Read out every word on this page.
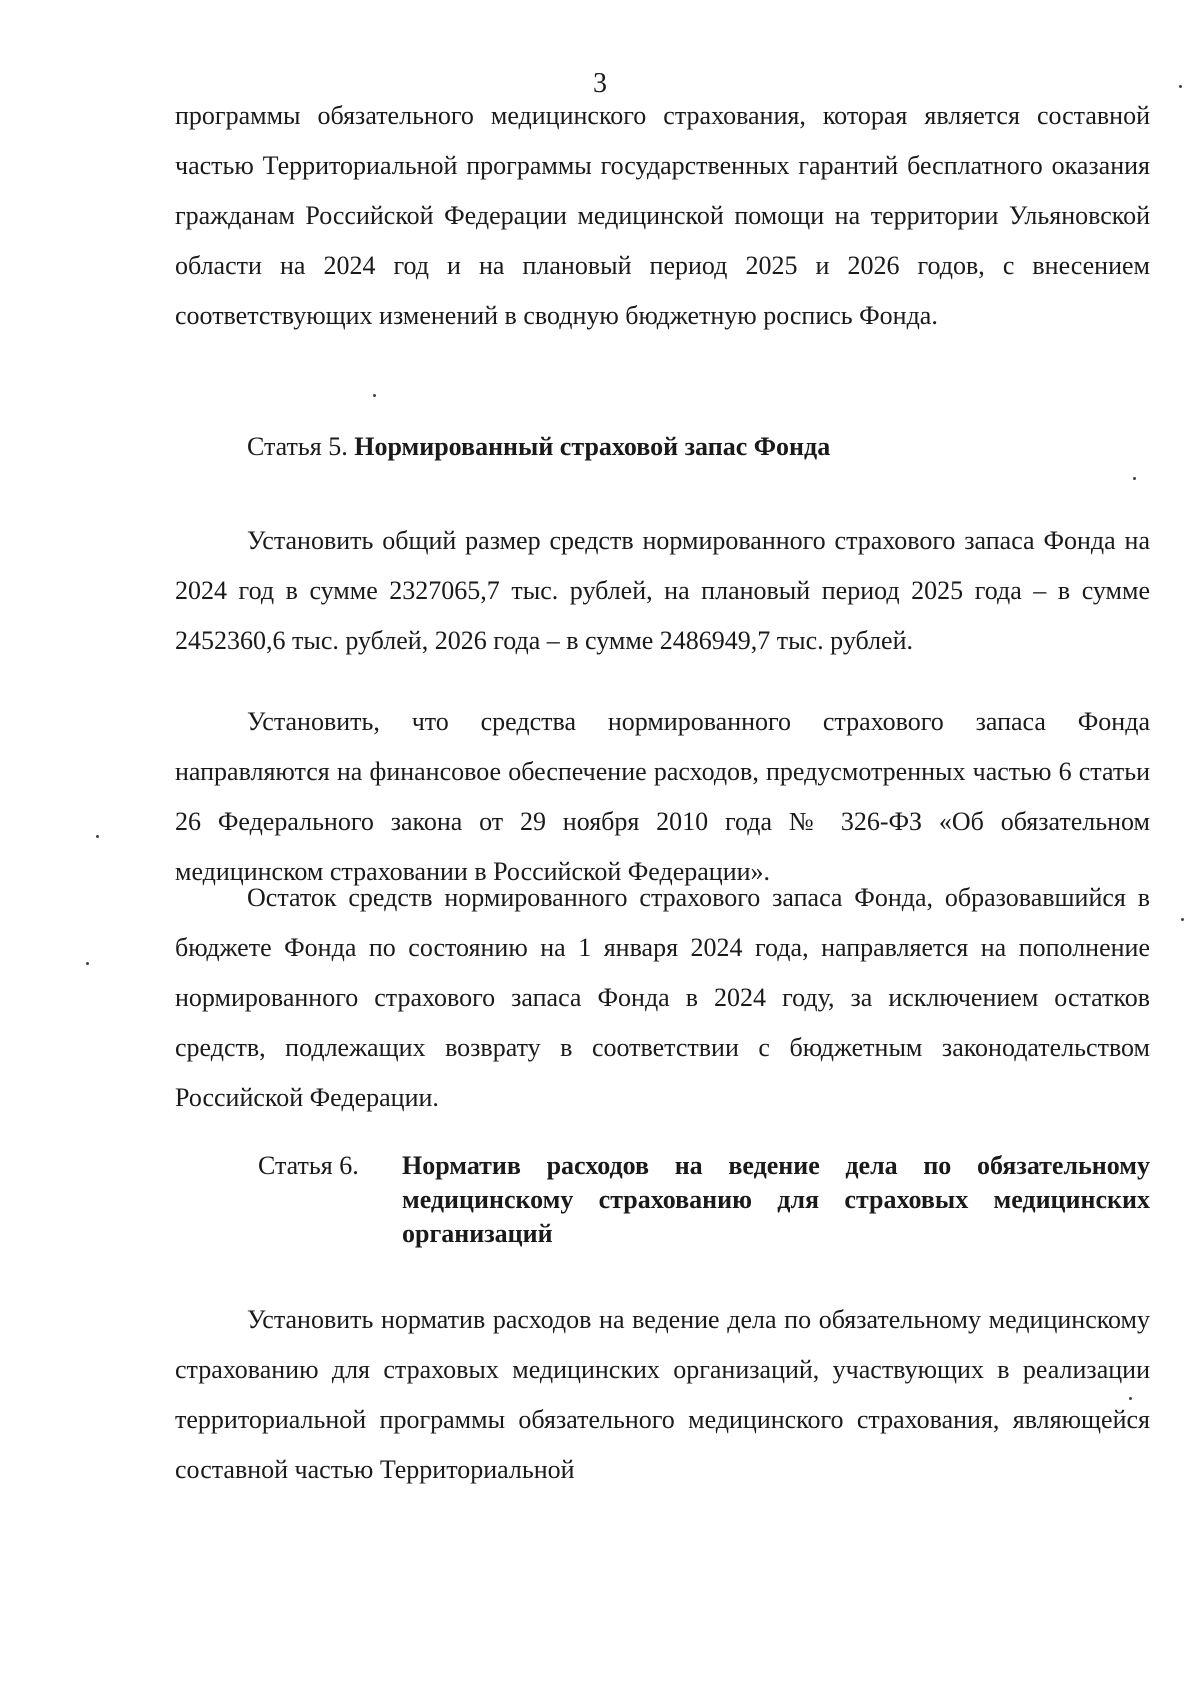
3

программы обязательного медицинского страхования, которая является составной частью Территориальной программы государственных гарантий бесплатного оказания гражданам Российской Федерации медицинской помощи на территории Ульяновской области на 2024 год и на плановый период 2025 и 2026 годов, с внесением соответствующих изменений в сводную бюджетную роспись Фонда.

Статья 5. Нормированный страховой запас Фонда

Установить общий размер средств нормированного страхового запаса Фонда на 2024 год в сумме 2327065,7 тыс. рублей, на плановый период 2025 года – в сумме 2452360,6 тыс. рублей, 2026 года – в сумме 2486949,7 тыс. рублей.

Установить, что средства нормированного страхового запаса Фонда направляются на финансовое обеспечение расходов, предусмотренных частью 6 статьи 26 Федерального закона от 29 ноября 2010 года № 326-ФЗ «Об обязательном медицинском страховании в Российской Федерации».

Остаток средств нормированного страхового запаса Фонда, образовавшийся в бюджете Фонда по состоянию на 1 января 2024 года, направляется на пополнение нормированного страхового запаса Фонда в 2024 году, за исключением остатков средств, подлежащих возврату в соответствии с бюджетным законодательством Российской Федерации.

Статья 6.	Норматив расходов на ведение дела по обязательному медицинскому страхованию для страховых медицинских организаций

Установить норматив расходов на ведение дела по обязательному медицинскому страхованию для страховых медицинских организаций, участвующих в реализации территориальной программы обязательного медицинского страхования, являющейся составной частью Территориальной
